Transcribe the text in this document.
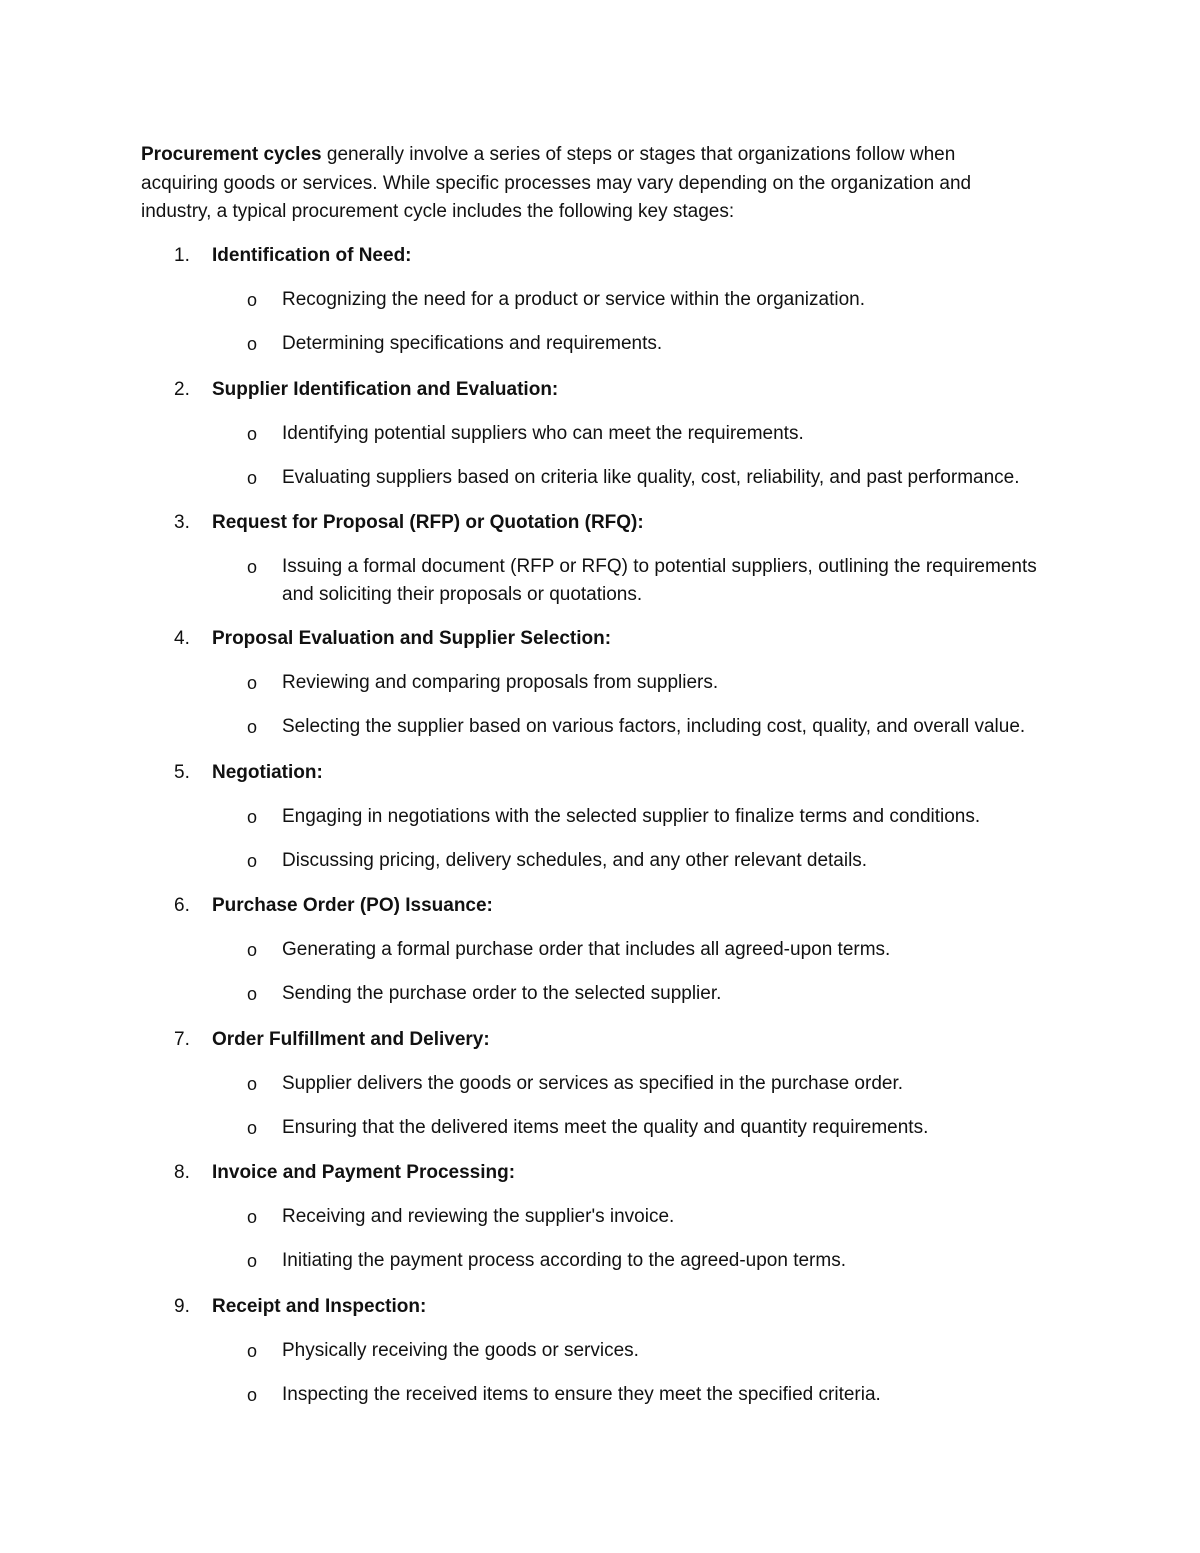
Procurement cycles generally involve a series of steps or stages that organizations follow when acquiring goods or services. While specific processes may vary depending on the organization and industry, a typical procurement cycle includes the following key stages:

1. Identification of Need:
o Recognizing the need for a product or service within the organization.
o Determining specifications and requirements.
2. Supplier Identification and Evaluation:
o Identifying potential suppliers who can meet the requirements.
o Evaluating suppliers based on criteria like quality, cost, reliability, and past performance.
3. Request for Proposal (RFP) or Quotation (RFQ):
o Issuing a formal document (RFP or RFQ) to potential suppliers, outlining the requirements and soliciting their proposals or quotations.
4. Proposal Evaluation and Supplier Selection:
o Reviewing and comparing proposals from suppliers.
o Selecting the supplier based on various factors, including cost, quality, and overall value.
5. Negotiation:
o Engaging in negotiations with the selected supplier to finalize terms and conditions.
o Discussing pricing, delivery schedules, and any other relevant details.
6. Purchase Order (PO) Issuance:
o Generating a formal purchase order that includes all agreed-upon terms.
o Sending the purchase order to the selected supplier.
7. Order Fulfillment and Delivery:
o Supplier delivers the goods or services as specified in the purchase order.
o Ensuring that the delivered items meet the quality and quantity requirements.
8. Invoice and Payment Processing:
o Receiving and reviewing the supplier's invoice.
o Initiating the payment process according to the agreed-upon terms.
9. Receipt and Inspection:
o Physically receiving the goods or services.
o Inspecting the received items to ensure they meet the specified criteria.
